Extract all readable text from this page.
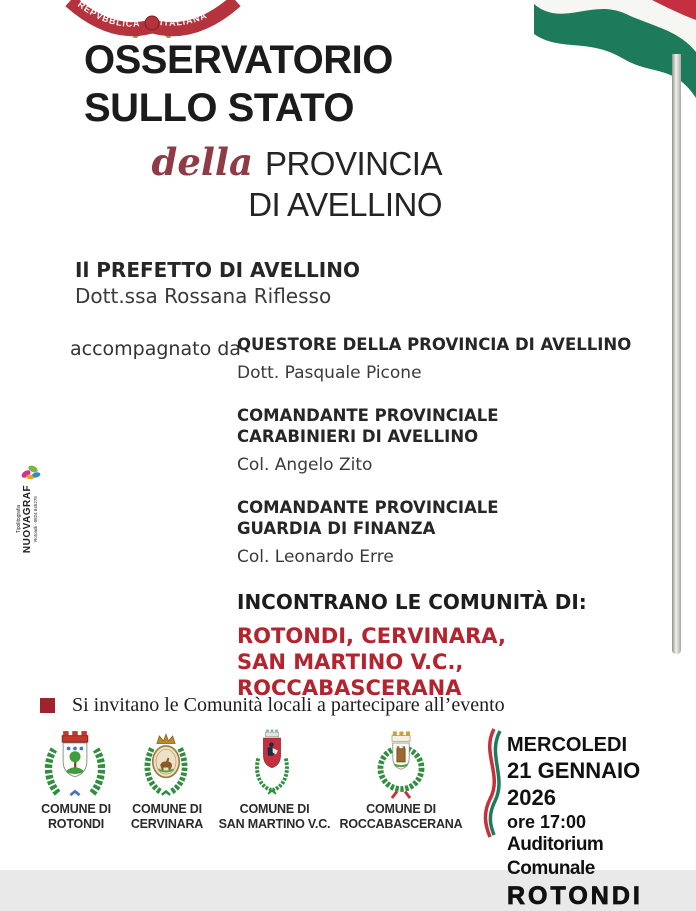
REPVBBLICA ITALIANA
OSSERVATORIO
SULLO STATO
della PROVINCIA
DI AVELLINO
Il PREFETTO DI AVELLINO
Dott.ssa Rossana Riflesso
accompagnato da
QUESTORE DELLA PROVINCIA DI AVELLINO
Dott. Pasquale Picone
COMANDANTE PROVINCIALE
CARABINIERI DI AVELLINO
Col. Angelo Zito
COMANDANTE PROVINCIALE
GUARDIA DI FINANZA
Col. Leonardo Erre
INCONTRANO LE COMUNITÀ DI:
ROTONDI, CERVINARA,
SAN MARTINO V.C., ROCCABASCERANA
Si invitano le Comunità locali a partecipare all’evento
COMUNE DI
ROTONDI
COMUNE DI
CERVINARA
COMUNE DI
SAN MARTINO V.C.
COMUNE DI
ROCCABASCERANA
MERCOLEDI
21 GENNAIO 2026
ore 17:00
Auditorium Comunale
ROTONDI
Tipolitografia NUOVAGRAF Rotondi - 0824 845275
